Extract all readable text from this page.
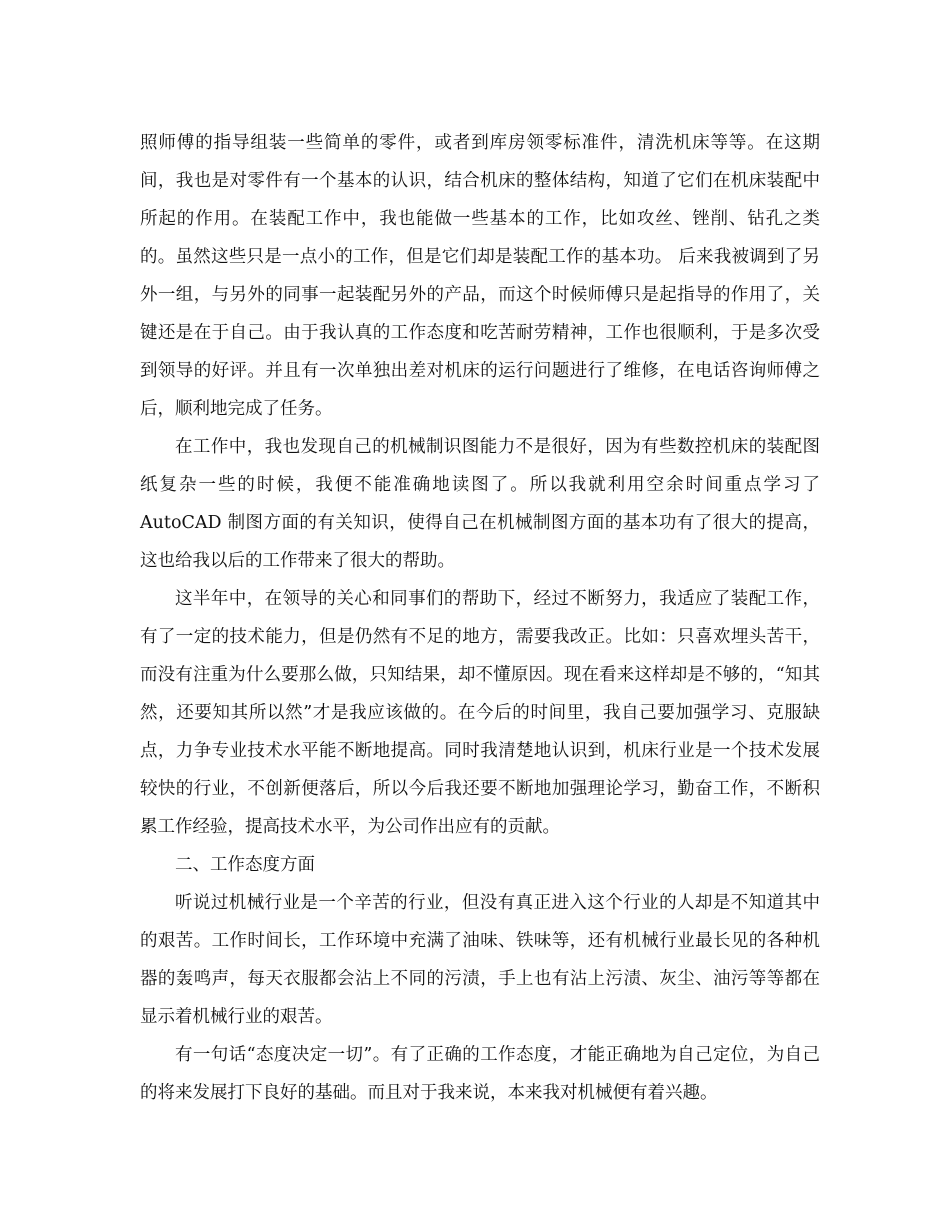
照师傅的指导组装一些简单的零件，或者到库房领零标准件，清洗机床等等。在这期间，我也是对零件有一个基本的认识，结合机床的整体结构，知道了它们在机床装配中所起的作用。在装配工作中，我也能做一些基本的工作，比如攻丝、锉削、钻孔之类的。虽然这些只是一点小的工作，但是它们却是装配工作的基本功。 后来我被调到了另外一组，与另外的同事一起装配另外的产品，而这个时候师傅只是起指导的作用了，关键还是在于自己。由于我认真的工作态度和吃苦耐劳精神，工作也很顺利，于是多次受到领导的好评。并且有一次单独出差对机床的运行问题进行了维修，在电话咨询师傅之后，顺利地完成了任务。

在工作中，我也发现自己的机械制识图能力不是很好，因为有些数控机床的装配图纸复杂一些的时候，我便不能准确地读图了。所以我就利用空余时间重点学习了 AutoCAD 制图方面的有关知识，使得自己在机械制图方面的基本功有了很大的提高，这也给我以后的工作带来了很大的帮助。

这半年中，在领导的关心和同事们的帮助下，经过不断努力，我适应了装配工作，有了一定的技术能力，但是仍然有不足的地方，需要我改正。比如：只喜欢埋头苦干，而没有注重为什么要那么做，只知结果，却不懂原因。现在看来这样却是不够的，“知其然，还要知其所以然”才是我应该做的。在今后的时间里，我自己要加强学习、克服缺点，力争专业技术水平能不断地提高。同时我清楚地认识到，机床行业是一个技术发展较快的行业，不创新便落后，所以今后我还要不断地加强理论学习，勤奋工作，不断积累工作经验，提高技术水平，为公司作出应有的贡献。

二、工作态度方面

听说过机械行业是一个辛苦的行业，但没有真正进入这个行业的人却是不知道其中的艰苦。工作时间长，工作环境中充满了油味、铁味等，还有机械行业最长见的各种机器的轰鸣声，每天衣服都会沾上不同的污渍，手上也有沾上污渍、灰尘、油污等等都在显示着机械行业的艰苦。

有一句话“态度决定一切”。有了正确的工作态度，才能正确地为自己定位，为自己的将来发展打下良好的基础。而且对于我来说，本来我对机械便有着兴趣。
